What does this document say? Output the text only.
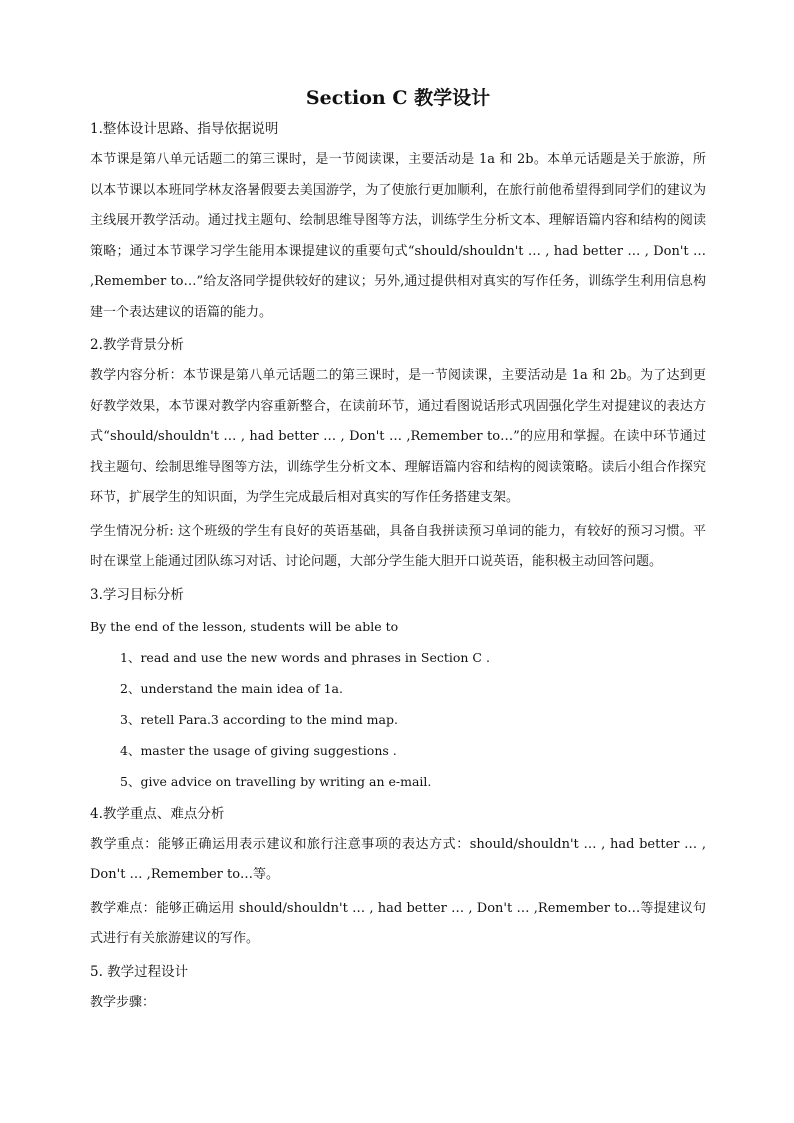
Section C 教学设计
1.整体设计思路、指导依据说明

本节课是第八单元话题二的第三课时，是一节阅读课，主要活动是 1a 和 2b。本单元话题是关于旅游，所以本节课以本班同学林友洛暑假要去美国游学，为了使旅行更加顺利，在旅行前他希望得到同学们的建议为主线展开教学活动。通过找主题句、绘制思维导图等方法，训练学生分析文本、理解语篇内容和结构的阅读策略；通过本节课学习学生能用本课提建议的重要句式“should/shouldn't … , had better … , Don't … ,Remember to…”给友洛同学提供较好的建议；另外,通过提供相对真实的写作任务，训练学生利用信息构建一个表达建议的语篇的能力。

2.教学背景分析

教学内容分析：本节课是第八单元话题二的第三课时，是一节阅读课，主要活动是 1a 和 2b。为了达到更好教学效果，本节课对教学内容重新整合，在读前环节，通过看图说话形式巩固强化学生对提建议的表达方式“should/shouldn't … , had better … , Don't … ,Remember to…”的应用和掌握。在读中环节通过找主题句、绘制思维导图等方法，训练学生分析文本、理解语篇内容和结构的阅读策略。读后小组合作探究环节，扩展学生的知识面，为学生完成最后相对真实的写作任务搭建支架。

学生情况分析: 这个班级的学生有良好的英语基础，具备自我拼读预习单词的能力，有较好的预习习惯。平时在课堂上能通过团队练习对话、讨论问题，大部分学生能大胆开口说英语，能积极主动回答问题。

3.学习目标分析

By the end of the lesson, students will be able to

1、read and use the new words and phrases in Section C .
2、understand the main idea of 1a.
3、retell Para.3 according to the mind map.
4、master the usage of giving suggestions .
5、give advice on travelling by writing an e-mail.
4.教学重点、难点分析

教学重点：能够正确运用表示建议和旅行注意事项的表达方式：should/shouldn't … , had better … , Don't … ,Remember to…等。

教学难点：能够正确运用 should/shouldn't … , had better … , Don't … ,Remember to…等提建议句式进行有关旅游建议的写作。

5. 教学过程设计

教学步骤：
